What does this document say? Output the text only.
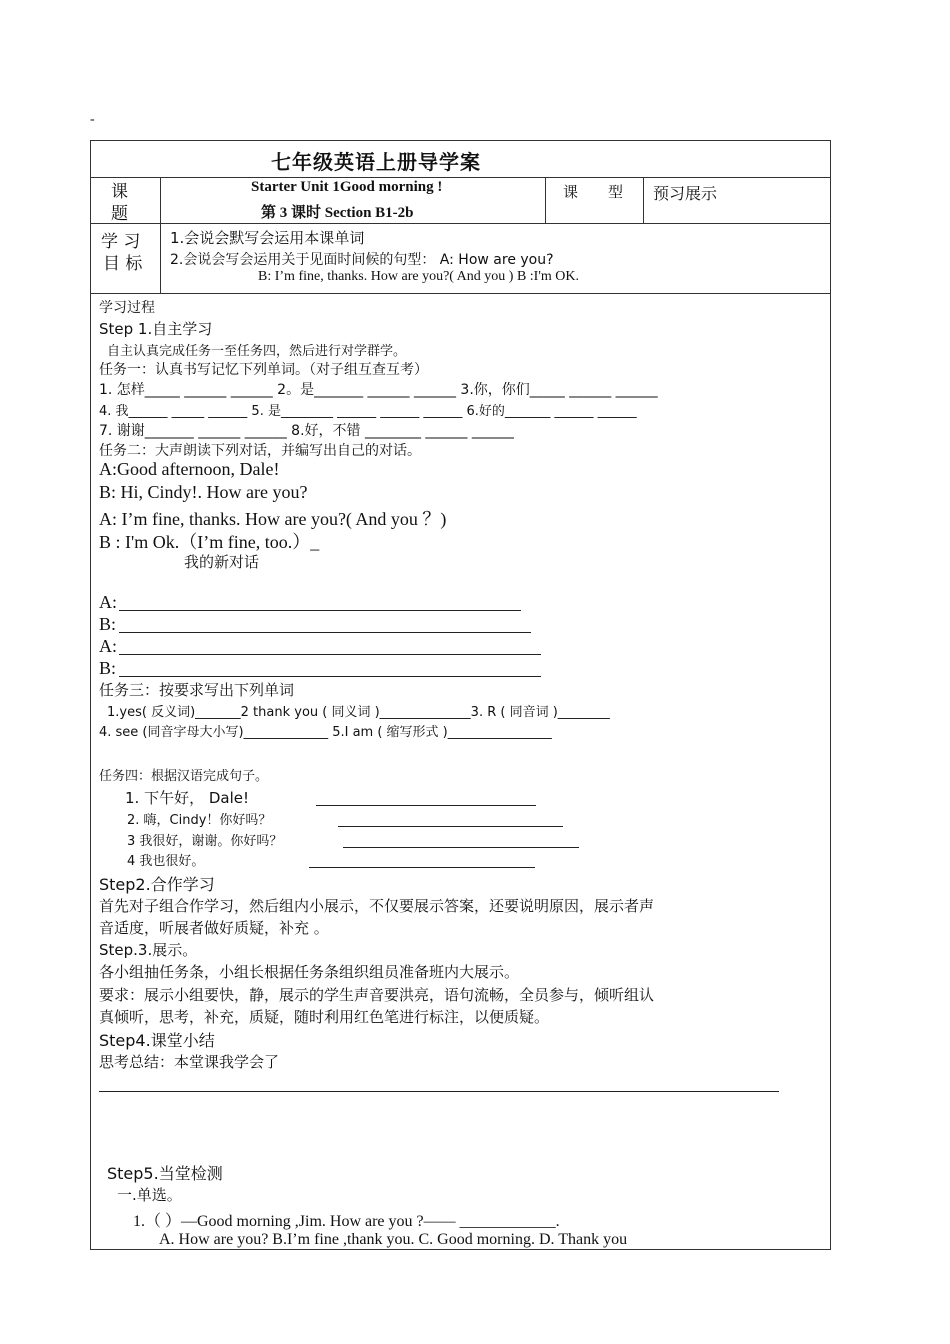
-
七年级英语上册导学案
课题
Starter Unit 1Good morning !
第 3 课时 Section B1-2b
课　　型 预习展示
学 习
目 标
1.会说会默写会运用本课单词
2.会说会写会运用关于见面时间候的句型： A: How are you?
B: I’m fine, thanks. How are you?( And you ) B :I'm OK.
学习过程
Step 1.自主学习
自主认真完成任务一至任务四，然后进行对学群学。
任务一：认真书写记忆下列单词。（对子组互查互考）
1. 怎样_____ ______ ______ 2。是_______ ______ ______ 3.你，你们_____ ______ ______
4. 我______ _____ ______ 5. 是________ ______ ______ ______ 6.好的_______ ______ ______
7. 谢谢_______ ______ ______ 8.好，不错 ________ ______ ______
任务二：大声朗读下列对话，并编写出自己的对话。
A:Good afternoon, Dale!
B: Hi, Cindy!. How are you?
A: I’m fine, thanks. How are you?( And you ？)
B : I'm Ok.（I’m fine, too.）_
我的新对话
A:
B:
A:
B:
任务三：按要求写出下列单词
1.yes( 反义词)_______2 thank you ( 同义词 )______________3. R ( 同音词 )________
4. see (同音字母大小写)_____________ 5.I am ( 缩写形式 )________________
任务四：根据汉语完成句子。
1. 下午好， Dale!
2. 嗨，Cindy！你好吗？
3 我很好，谢谢。你好吗？
4 我也很好。
Step2.合作学习
首先对子组合作学习，然后组内小展示，不仅要展示答案，还要说明原因，展示者声
音适度，听展者做好质疑，补充 。
Step.3.展示。
各小组抽任务条，小组长根据任务条组织组员准备班内大展示。
要求：展示小组要快，静，展示的学生声音要洪亮，语句流畅，全员参与，倾听组认
真倾听，思考，补充，质疑，随时利用红色笔进行标注，以便质疑。
Step4.课堂小结
思考总结：本堂课我学会了
Step5.当堂检测
一.单选。
1.（ ）—Good morning ,Jim. How are you ?—— ____________.
A. How are you? B.I’m fine ,thank you. C. Good morning. D. Thank you
